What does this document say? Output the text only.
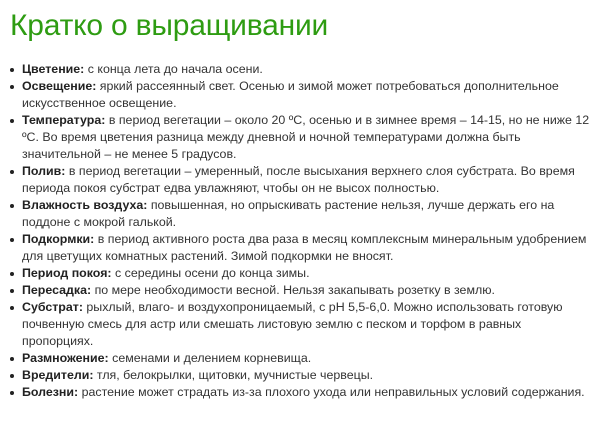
Кратко о выращивании
Цветение: с конца лета до начала осени.
Освещение: яркий рассеянный свет. Осенью и зимой может потребоваться дополнительное искусственное освещение.
Температура: в период вегетации – около 20 ºС, осенью и в зимнее время – 14-15, но не ниже 12 ºС. Во время цветения разница между дневной и ночной температурами должна быть значительной – не менее 5 градусов.
Полив: в период вегетации – умеренный, после высыхания верхнего слоя субстрата. Во время периода покоя субстрат едва увлажняют, чтобы он не высох полностью.
Влажность воздуха: повышенная, но опрыскивать растение нельзя, лучше держать его на поддоне с мокрой галькой.
Подкормки: в период активного роста два раза в месяц комплексным минеральным удобрением для цветущих комнатных растений. Зимой подкормки не вносят.
Период покоя: с середины осени до конца зимы.
Пересадка: по мере необходимости весной. Нельзя закапывать розетку в землю.
Субстрат: рыхлый, влаго- и воздухопроницаемый, с рН 5,5-6,0. Можно использовать готовую почвенную смесь для астр или смешать листовую землю с песком и торфом в равных пропорциях.
Размножение: семенами и делением корневища.
Вредители: тля, белокрылки, щитовки, мучнистые червецы.
Болезни: растение может страдать из-за плохого ухода или неправильных условий содержания.
